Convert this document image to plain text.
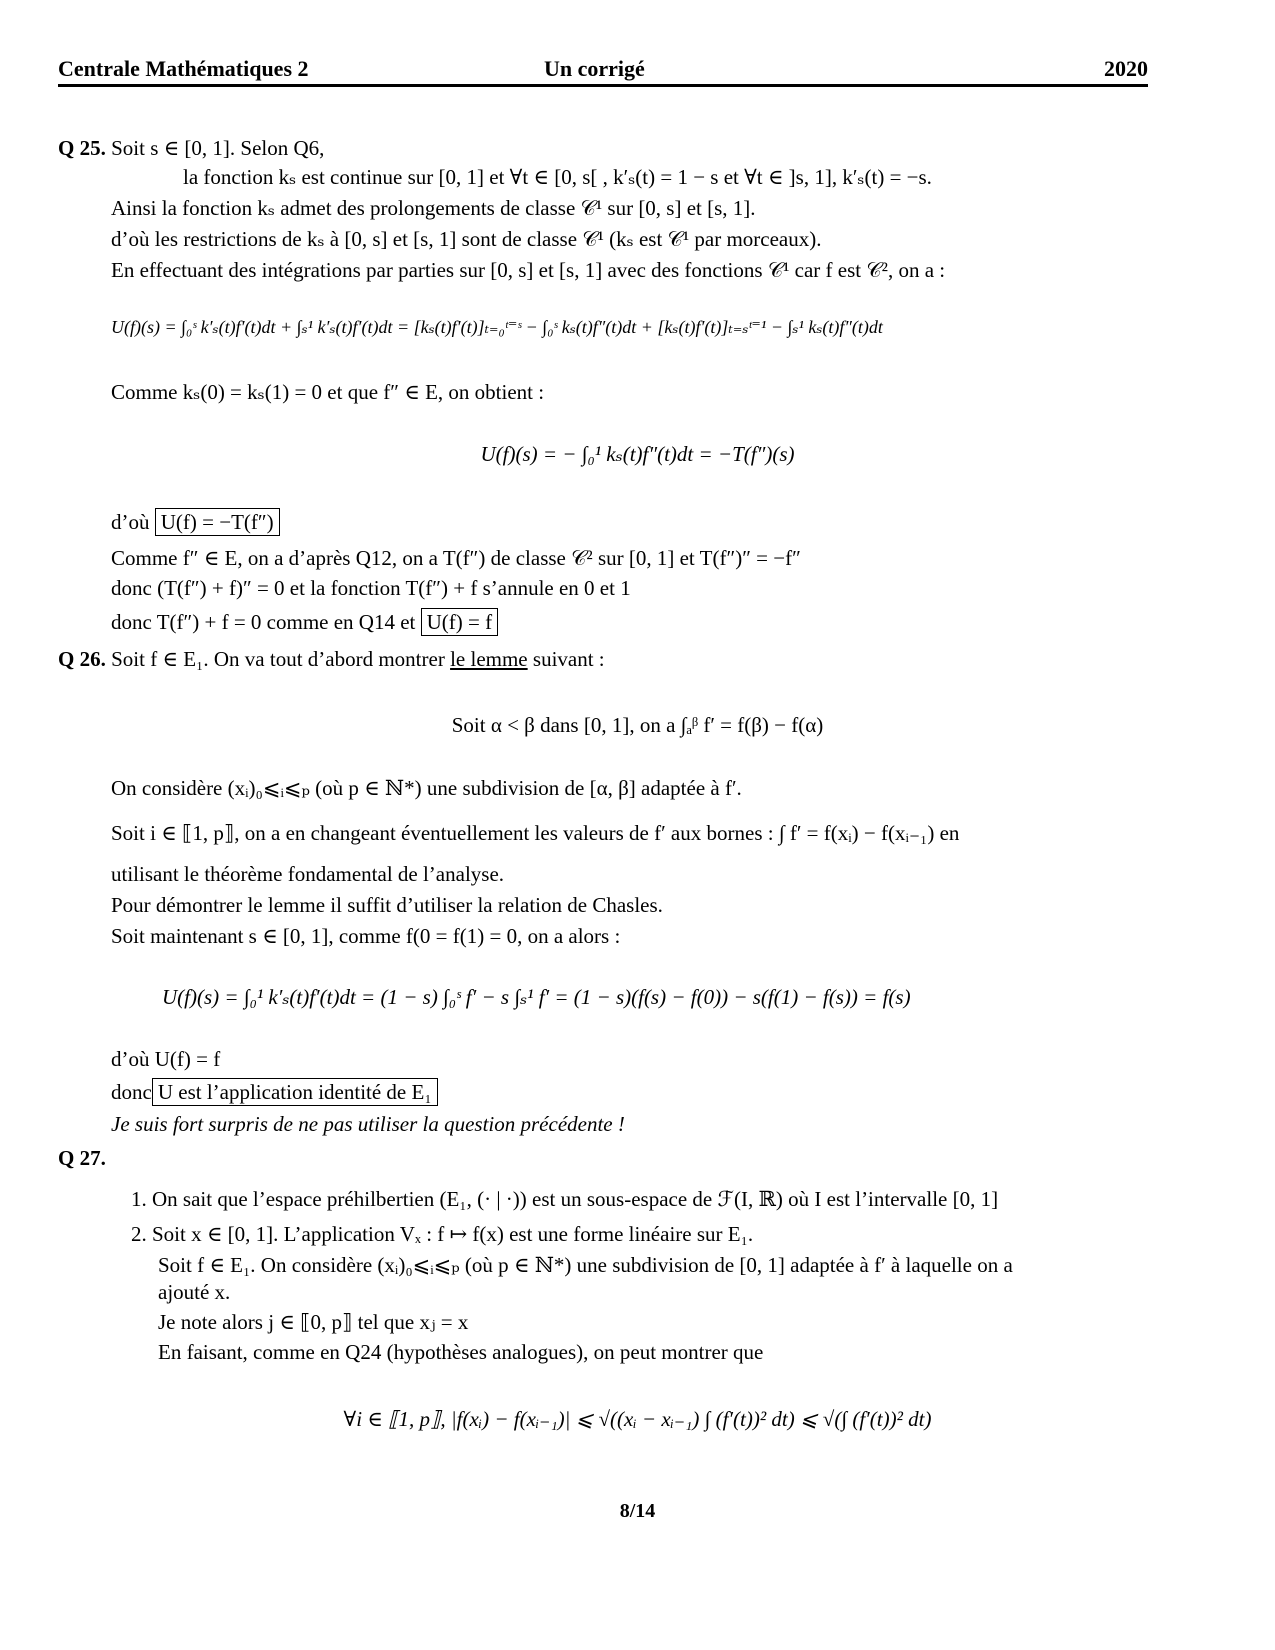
Centrale Mathématiques 2	Un corrigé	2020
Q 25. Soit s ∈ [0, 1]. Selon Q6,
la fonction kₛ est continue sur [0, 1] et ∀t ∈ [0, s[ , k′ₛ(t) = 1 − s et ∀t ∈ ]s, 1], k′ₛ(t) = −s.
Ainsi la fonction kₛ admet des prolongements de classe 𝒞¹ sur [0, s] et [s, 1].
d’où les restrictions de kₛ à [0, s] et [s, 1] sont de classe 𝒞¹ (kₛ est 𝒞¹ par morceaux).
En effectuant des intégrations par parties sur [0, s] et [s, 1] avec des fonctions 𝒞¹ car f est 𝒞², on a :
U(f)(s) = ∫₀ˢ k′ₛ(t)f′(t)dt + ∫ₛ¹ k′ₛ(t)f′(t)dt = [kₛ(t)f′(t)]ₜ₌₀ᵗ⁼ˢ − ∫₀ˢ kₛ(t)f″(t)dt + [kₛ(t)f′(t)]ₜ₌ₛᵗ⁼¹ − ∫ₛ¹ kₛ(t)f″(t)dt
Comme kₛ(0) = kₛ(1) = 0 et que f″ ∈ E, on obtient :
U(f)(s) = − ∫₀¹ kₛ(t)f″(t)dt = −T(f″)(s)
d’où U(f) = −T(f″)
Comme f″ ∈ E, on a d’après Q12, on a T(f″) de classe 𝒞² sur [0, 1] et T(f″)″ = −f″
donc (T(f″) + f)″ = 0 et la fonction T(f″) + f s’annule en 0 et 1
donc T(f″) + f = 0 comme en Q14 et U(f) = f
Q 26. Soit f ∈ E₁. On va tout d’abord montrer le lemme suivant :
Soit α < β dans [0, 1], on a ∫ₐᵝ f′ = f(β) − f(α)
On considère (xᵢ)₀⩽ᵢ⩽ₚ (où p ∈ ℕ*) une subdivision de [α, β] adaptée à f′.
Soit i ∈ ⟦1, p⟧, on a en changeant éventuellement les valeurs de f′ aux bornes : ∫ f′ = f(xᵢ) − f(xᵢ₋₁) en
utilisant le théorème fondamental de l’analyse.
Pour démontrer le lemme il suffit d’utiliser la relation de Chasles.
Soit maintenant s ∈ [0, 1], comme f(0 = f(1) = 0, on a alors :
U(f)(s) = ∫₀¹ k′ₛ(t)f′(t)dt = (1 − s) ∫₀ˢ f′ − s ∫ₛ¹ f′ = (1 − s)(f(s) − f(0)) − s(f(1) − f(s)) = f(s)
d’où U(f) = f
donc U est l’application identité de E₁
Je suis fort surpris de ne pas utiliser la question précédente !
Q 27.
1. On sait que l’espace préhilbertien (E₁, (· | ·)) est un sous-espace de ℱ(I, ℝ) où I est l’intervalle [0, 1]
2. Soit x ∈ [0, 1]. L’application Vₓ : f ↦ f(x) est une forme linéaire sur E₁.
Soit f ∈ E₁. On considère (xᵢ)₀⩽ᵢ⩽ₚ (où p ∈ ℕ*) une subdivision de [0, 1] adaptée à f′ à laquelle on a
ajouté x.
Je note alors j ∈ ⟦0, p⟧ tel que xⱼ = x
En faisant, comme en Q24 (hypothèses analogues), on peut montrer que
∀i ∈ ⟦1, p⟧, |f(xᵢ) − f(xᵢ₋₁)| ⩽ √((xᵢ − xᵢ₋₁) ∫ (f′(t))² dt) ⩽ √(∫ (f′(t))² dt)
8/14
